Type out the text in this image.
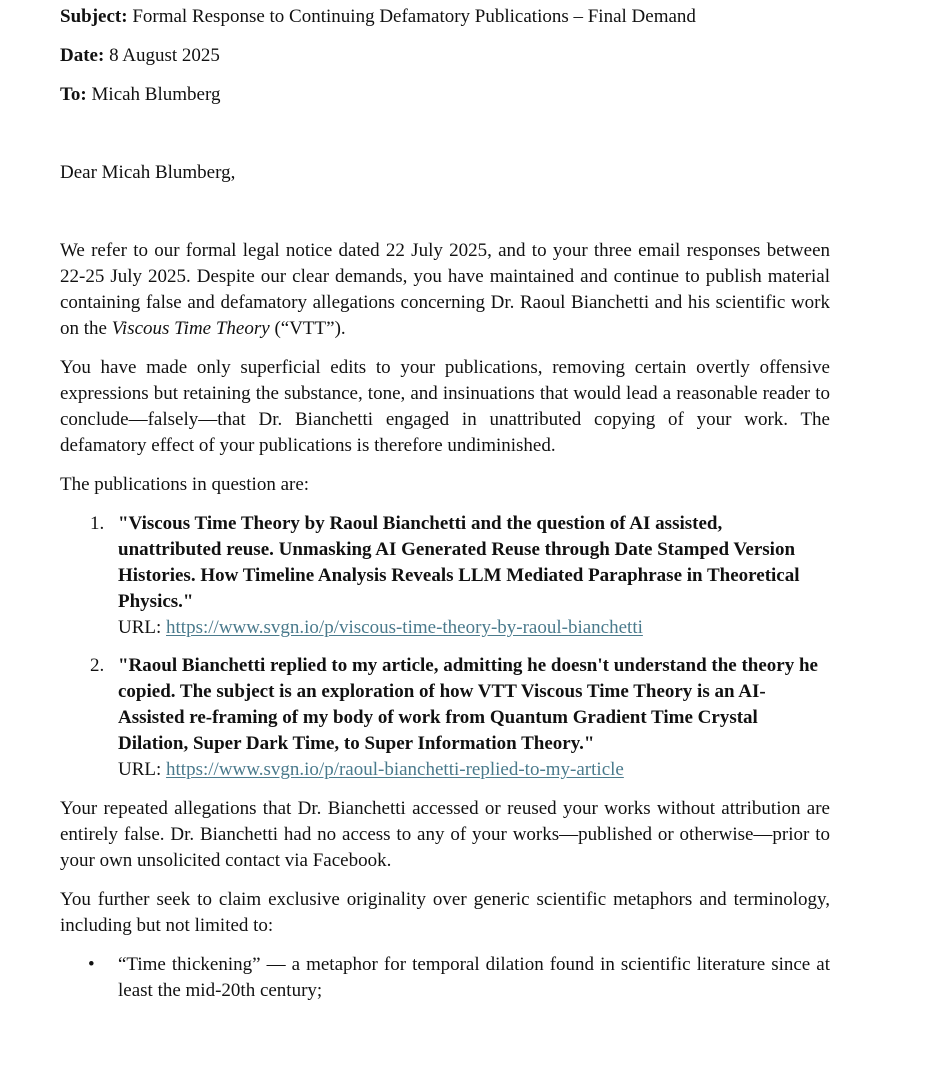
Subject: Formal Response to Continuing Defamatory Publications – Final Demand
Date: 8 August 2025
To: Micah Blumberg
Dear Micah Blumberg,

We refer to our formal legal notice dated 22 July 2025, and to your three email responses between 22-25 July 2025. Despite our clear demands, you have maintained and continue to publish material containing false and defamatory allegations concerning Dr. Raoul Bianchetti and his scientific work on the Viscous Time Theory (“VTT”).

You have made only superficial edits to your publications, removing certain overtly offensive expressions but retaining the substance, tone, and insinuations that would lead a reasonable reader to conclude—falsely—that Dr. Bianchetti engaged in unattributed copying of your work. The defamatory effect of your publications is therefore undiminished.

The publications in question are:

1. "Viscous Time Theory by Raoul Bianchetti and the question of AI assisted, unattributed reuse. Unmasking AI Generated Reuse through Date Stamped Version Histories. How Timeline Analysis Reveals LLM Mediated Paraphrase in Theoretical Physics."
URL: https://www.svgn.io/p/viscous-time-theory-by-raoul-bianchetti
2. "Raoul Bianchetti replied to my article, admitting he doesn't understand the theory he copied. The subject is an exploration of how VTT Viscous Time Theory is an AI-Assisted re-framing of my body of work from Quantum Gradient Time Crystal Dilation, Super Dark Time, to Super Information Theory."
URL: https://www.svgn.io/p/raoul-bianchetti-replied-to-my-article

Your repeated allegations that Dr. Bianchetti accessed or reused your works without attribution are entirely false. Dr. Bianchetti had no access to any of your works—published or otherwise—prior to your own unsolicited contact via Facebook.

You further seek to claim exclusive originality over generic scientific metaphors and terminology, including but not limited to:

• “Time thickening” — a metaphor for temporal dilation found in scientific literature since at least the mid-20th century;
